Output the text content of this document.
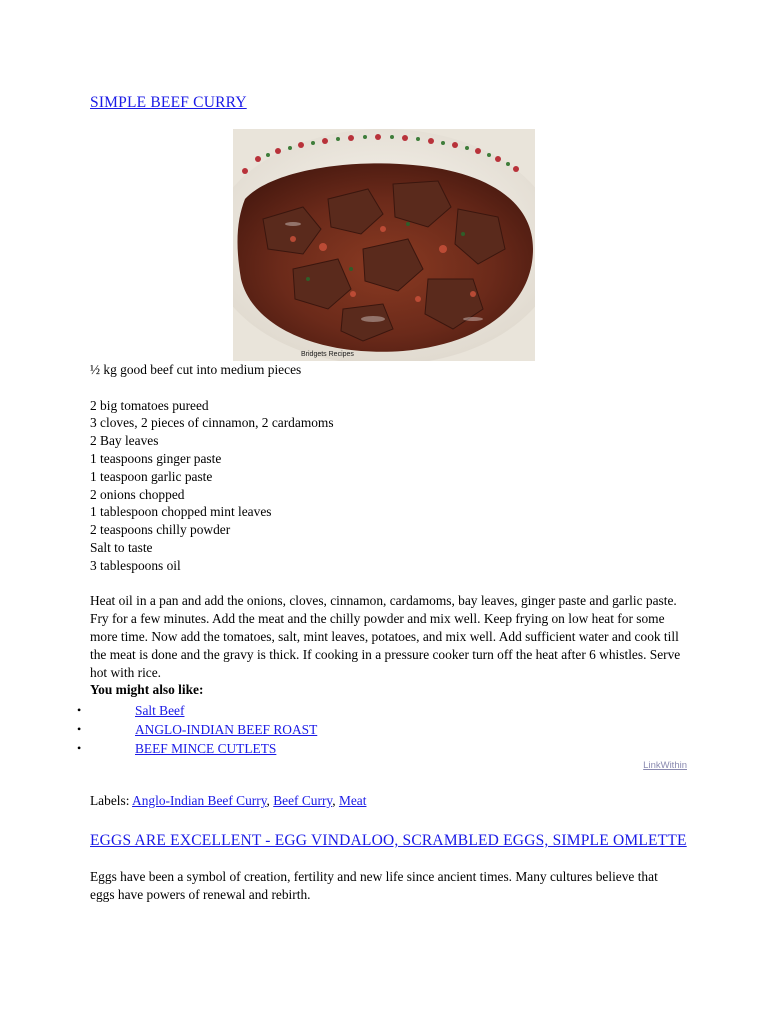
SIMPLE BEEF CURRY
Bridgets Recipes

½ kg good beef cut into medium pieces

2 big tomatoes pureed
3 cloves, 2 pieces of cinnamon, 2 cardamoms
2 Bay leaves
1 teaspoons ginger paste
1 teaspoon garlic paste
2 onions chopped
1 tablespoon chopped mint leaves
2 teaspoons chilly powder
Salt to taste
3 tablespoons oil

Heat oil in a pan and add the onions, cloves, cinnamon, cardamoms, bay leaves, ginger paste and garlic paste. Fry for a few minutes. Add the meat and the chilly powder and mix well. Keep frying on low heat for some more time. Now add the tomatoes, salt, mint leaves, potatoes, and mix well. Add sufficient water and cook till the meat is done and the gravy is thick. If cooking in a pressure cooker turn off the heat after 6 whistles. Serve hot with rice.

You might also like:
•	Salt Beef
•	ANGLO-INDIAN BEEF ROAST
•	BEEF MINCE CUTLETS
LinkWithin
Labels: Anglo-Indian Beef Curry, Beef Curry, Meat
EGGS ARE EXCELLENT - EGG VINDALOO, SCRAMBLED EGGS, SIMPLE OMLETTE

Eggs have been a symbol of creation, fertility and new life since ancient times. Many cultures believe that eggs have powers of renewal and rebirth.
